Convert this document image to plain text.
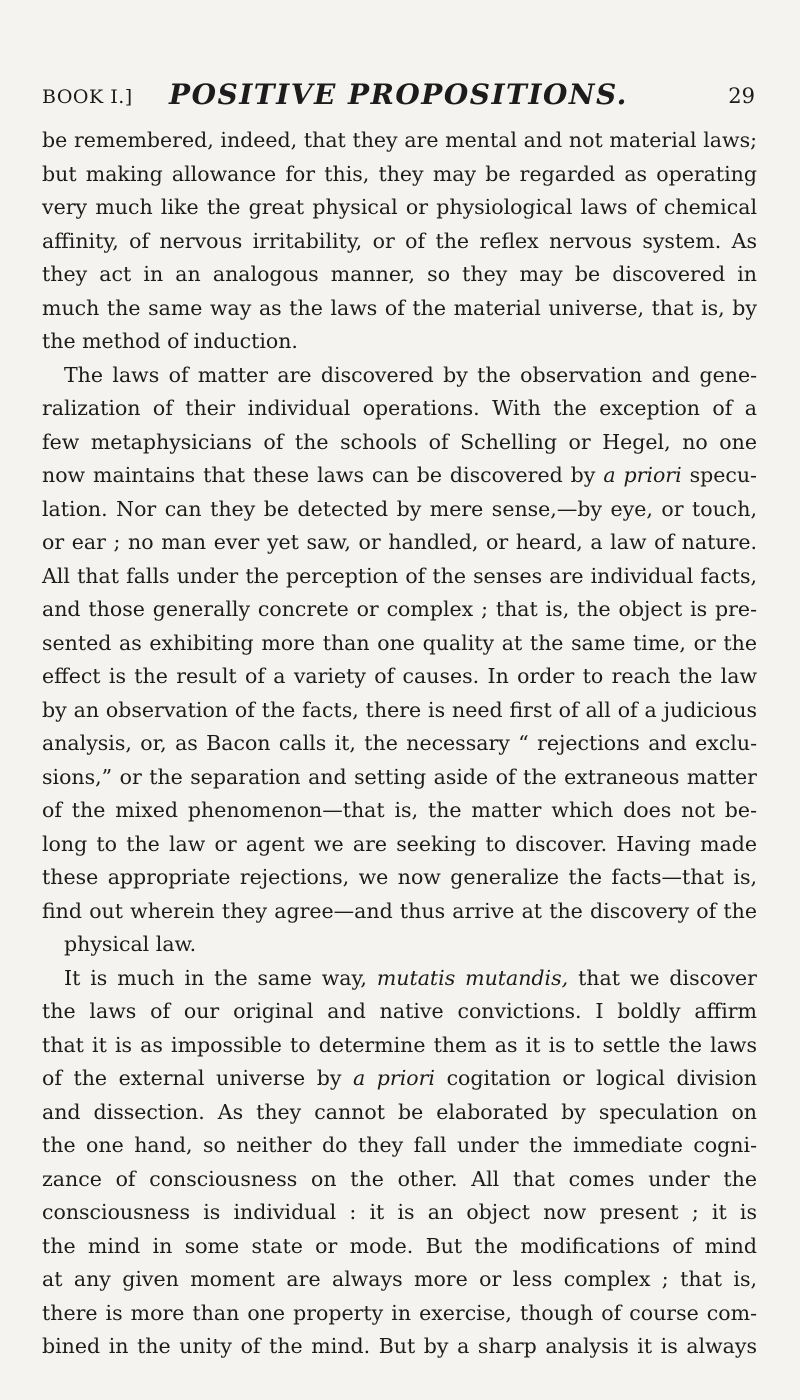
BOOK I.]	POSITIVE PROPOSITIONS.	29
be remembered, indeed, that they are mental and not material laws;
but making allowance for this, they may be regarded as operating
very much like the great physical or physiological laws of chemical
affinity, of nervous irritability, or of the reflex nervous system. As
they act in an analogous manner, so they may be discovered in
much the same way as the laws of the material universe, that is, by
the method of induction.
The laws of matter are discovered by the observation and gene-
ralization of their individual operations. With the exception of a
few metaphysicians of the schools of Schelling or Hegel, no one
now maintains that these laws can be discovered by a priori specu-
lation. Nor can they be detected by mere sense,—by eye, or touch,
or ear ; no man ever yet saw, or handled, or heard, a law of nature.
All that falls under the perception of the senses are individual facts,
and those generally concrete or complex ; that is, the object is pre-
sented as exhibiting more than one quality at the same time, or the
effect is the result of a variety of causes. In order to reach the law
by an observation of the facts, there is need first of all of a judicious
analysis, or, as Bacon calls it, the necessary “ rejections and exclu-
sions,” or the separation and setting aside of the extraneous matter
of the mixed phenomenon—that is, the matter which does not be-
long to the law or agent we are seeking to discover. Having made
these appropriate rejections, we now generalize the facts—that is,
find out wherein they agree—and thus arrive at the discovery of the
physical law.
It is much in the same way, mutatis mutandis, that we discover
the laws of our original and native convictions. I boldly affirm
that it is as impossible to determine them as it is to settle the laws
of the external universe by a priori cogitation or logical division
and dissection. As they cannot be elaborated by speculation on
the one hand, so neither do they fall under the immediate cogni-
zance of consciousness on the other. All that comes under the
consciousness is individual : it is an object now present ; it is
the mind in some state or mode. But the modifications of mind
at any given moment are always more or less complex ; that is,
there is more than one property in exercise, though of course com-
bined in the unity of the mind. But by a sharp analysis it is always
